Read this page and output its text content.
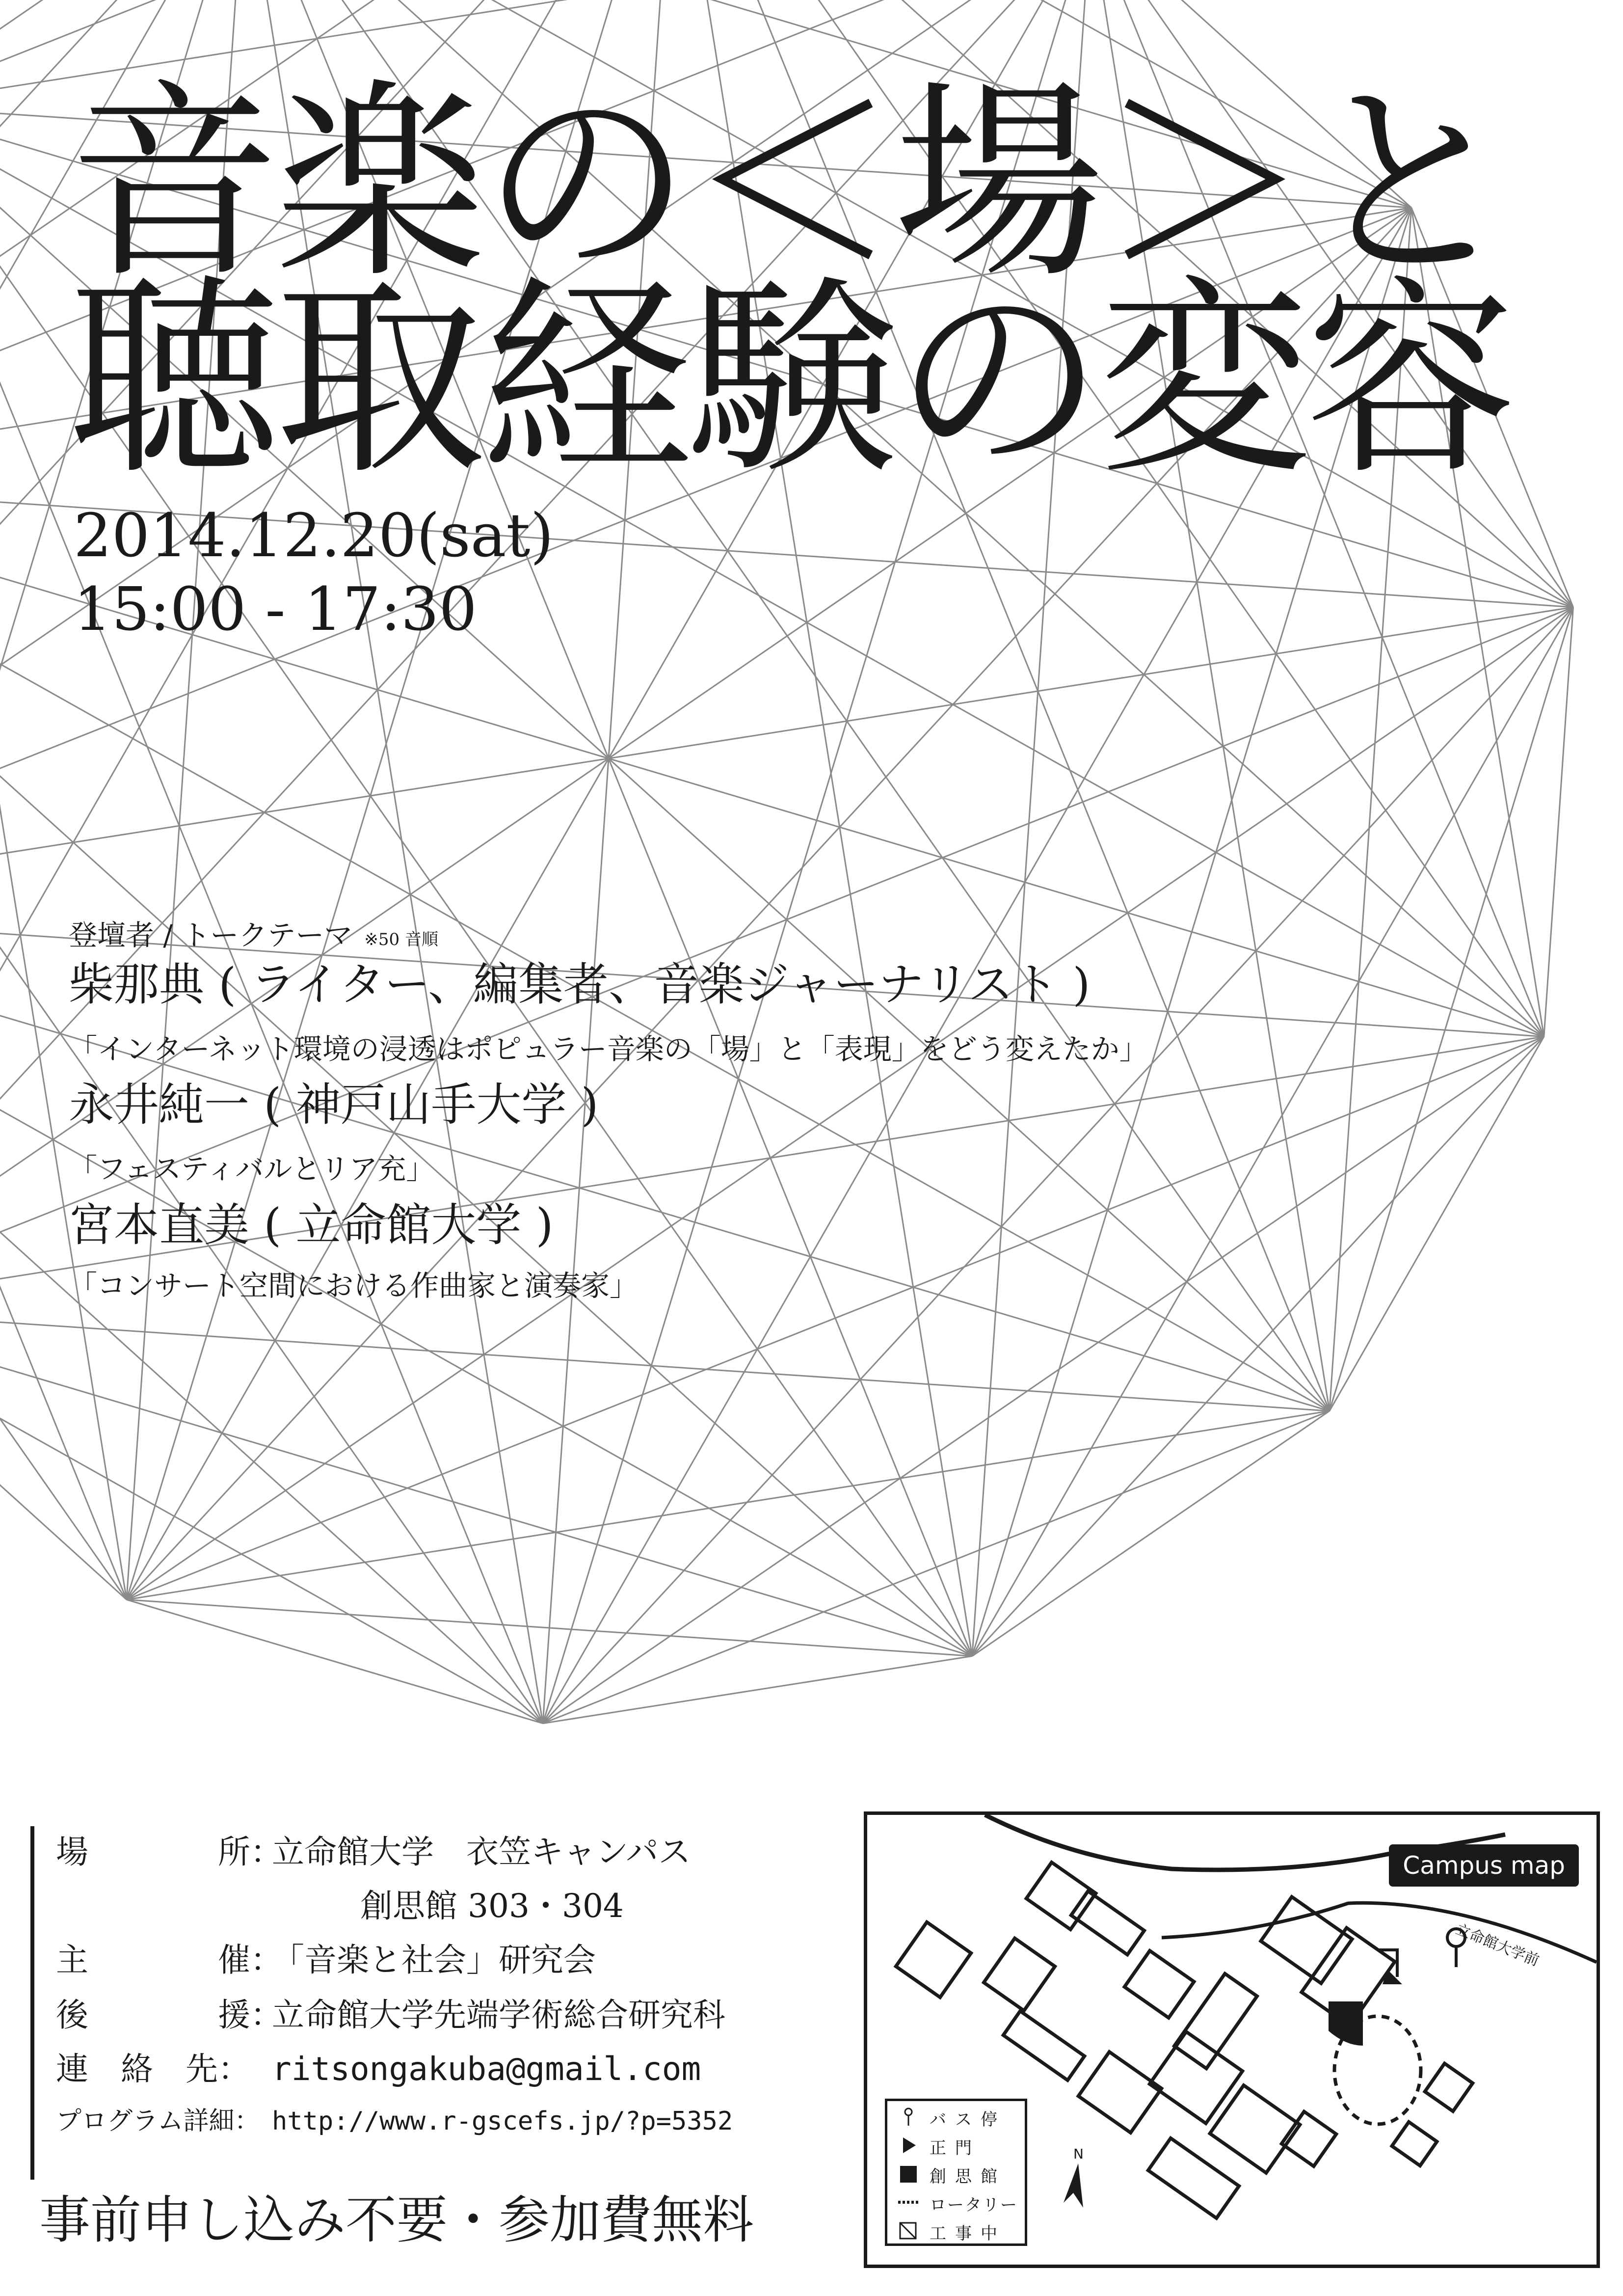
音楽の＜場＞と
聴取経験の変容
2014.12.20(sat)
15:00 - 17:30
登壇者 / トークテーマ ※50 音順
柴那典 ( ライター、編集者、音楽ジャーナリスト )
「インターネット環境の浸透はポピュラー音楽の「場」と「表現」をどう変えたか」
永井純一 ( 神戸山手大学 )
「フェスティバルとリア充」
宮本直美 ( 立命館大学 )
「コンサート空間における作曲家と演奏家」
場　　　　所：
立命館大学　衣笠キャンパス
創思館 303・304
主　　　　催：
「音楽と社会」研究会
後　　　　援：
立命館大学先端学術総合研究科
連　絡　先： ritsongakuba@gmail.com
プログラム詳細： http://www.r-gscefs.jp/?p=5352
事前申し込み不要・参加費無料
N
立命館大学前
Campus map
バス停
正門
創思館
ロータリー
工事中
